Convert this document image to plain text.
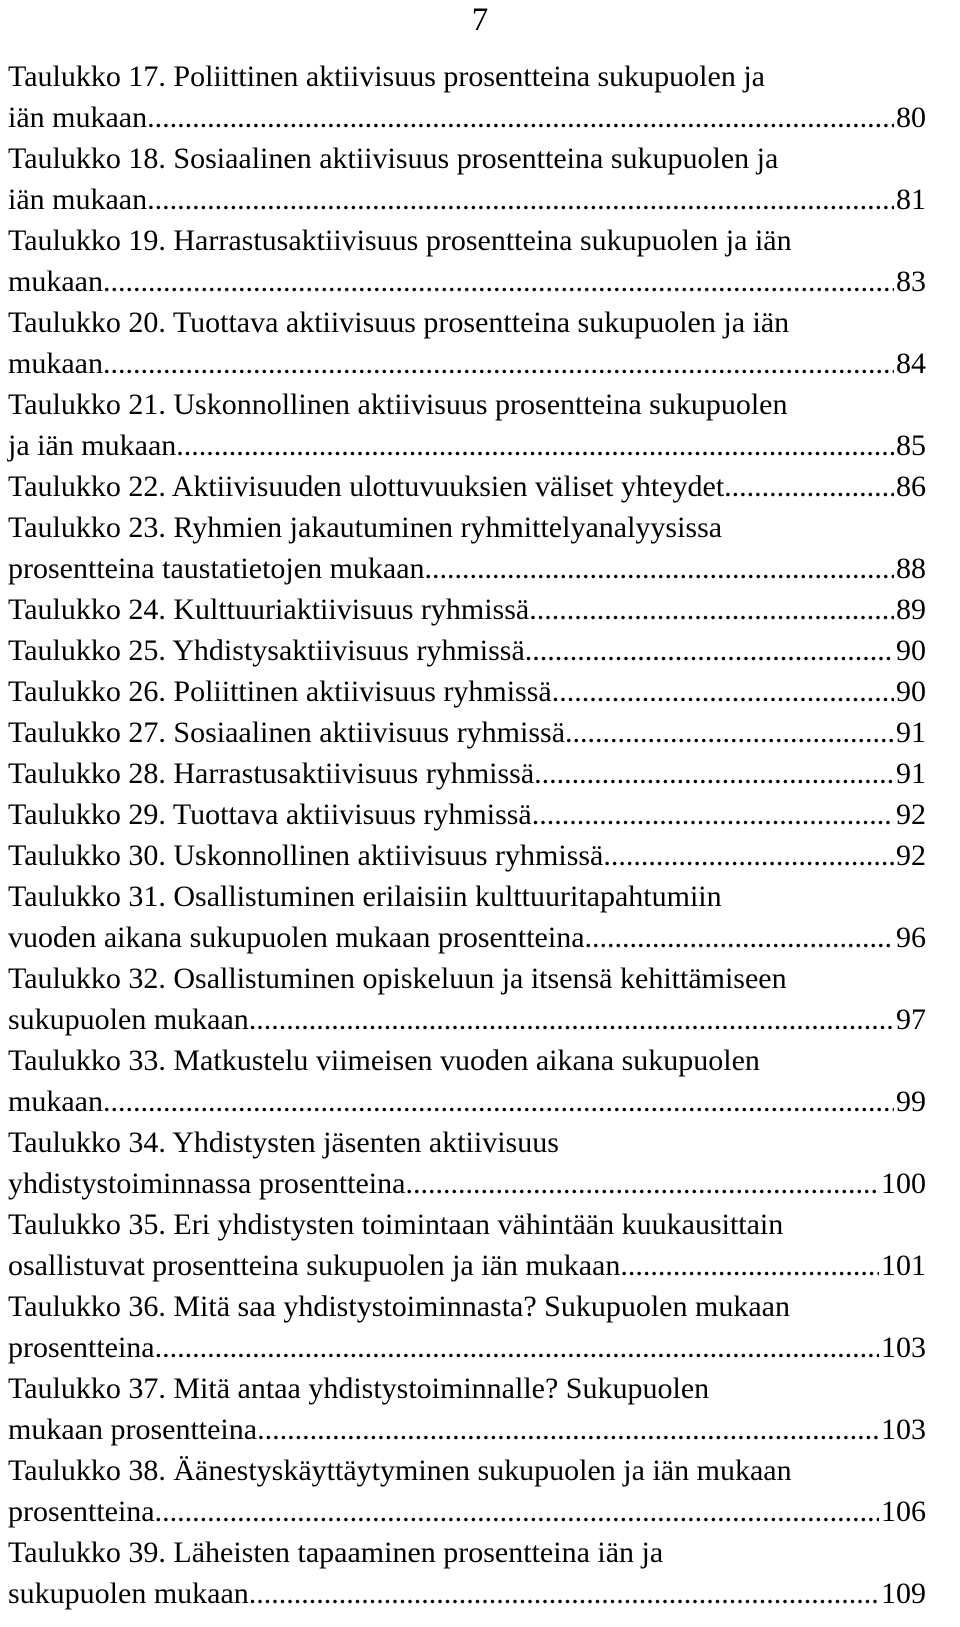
7
Taulukko 17. Poliittinen aktiivisuus prosentteina sukupuolen ja
iän mukaan. .....	80
Taulukko 18. Sosiaalinen aktiivisuus prosentteina sukupuolen ja
iän mukaan. .....	81
Taulukko 19. Harrastusaktiivisuus prosentteina sukupuolen ja iän
mukaan. .....	83
Taulukko 20. Tuottava aktiivisuus prosentteina sukupuolen ja iän
mukaan. .....	84
Taulukko 21. Uskonnollinen aktiivisuus prosentteina sukupuolen
ja iän mukaan. .....	85
Taulukko 22. Aktiivisuuden ulottuvuuksien väliset yhteydet. .....	86
Taulukko 23. Ryhmien jakautuminen ryhmittelyanalyysissa
prosentteina taustatietojen mukaan. .....	88
Taulukko 24. Kulttuuriaktiivisuus ryhmissä. .....	89
Taulukko 25. Yhdistysaktiivisuus ryhmissä. .....	90
Taulukko 26. Poliittinen aktiivisuus ryhmissä. .....	90
Taulukko 27. Sosiaalinen aktiivisuus ryhmissä. .....	91
Taulukko 28. Harrastusaktiivisuus ryhmissä. .....	91
Taulukko 29. Tuottava aktiivisuus ryhmissä. .....	92
Taulukko 30. Uskonnollinen aktiivisuus ryhmissä. .....	92
Taulukko 31. Osallistuminen erilaisiin kulttuuritapahtumiin
vuoden aikana sukupuolen mukaan prosentteina .....	96
Taulukko 32. Osallistuminen opiskeluun ja itsensä kehittämiseen
sukupuolen mukaan. .....	97
Taulukko 33. Matkustelu viimeisen vuoden aikana sukupuolen
mukaan. .....	99
Taulukko 34. Yhdistysten jäsenten aktiivisuus
yhdistystoiminnassa prosentteina. .....	100
Taulukko 35. Eri yhdistysten toimintaan vähintään kuukausittain
osallistuvat prosentteina sukupuolen ja iän mukaan. .....	101
Taulukko 36. Mitä saa yhdistystoiminnasta? Sukupuolen mukaan
prosentteina. .....	103
Taulukko 37. Mitä antaa yhdistystoiminnalle? Sukupuolen
mukaan prosentteina. .....	103
Taulukko 38. Äänestyskäyttäytyminen sukupuolen ja iän mukaan
prosentteina. .....	106
Taulukko 39. Läheisten tapaaminen prosentteina iän ja
sukupuolen mukaan. .....	109
